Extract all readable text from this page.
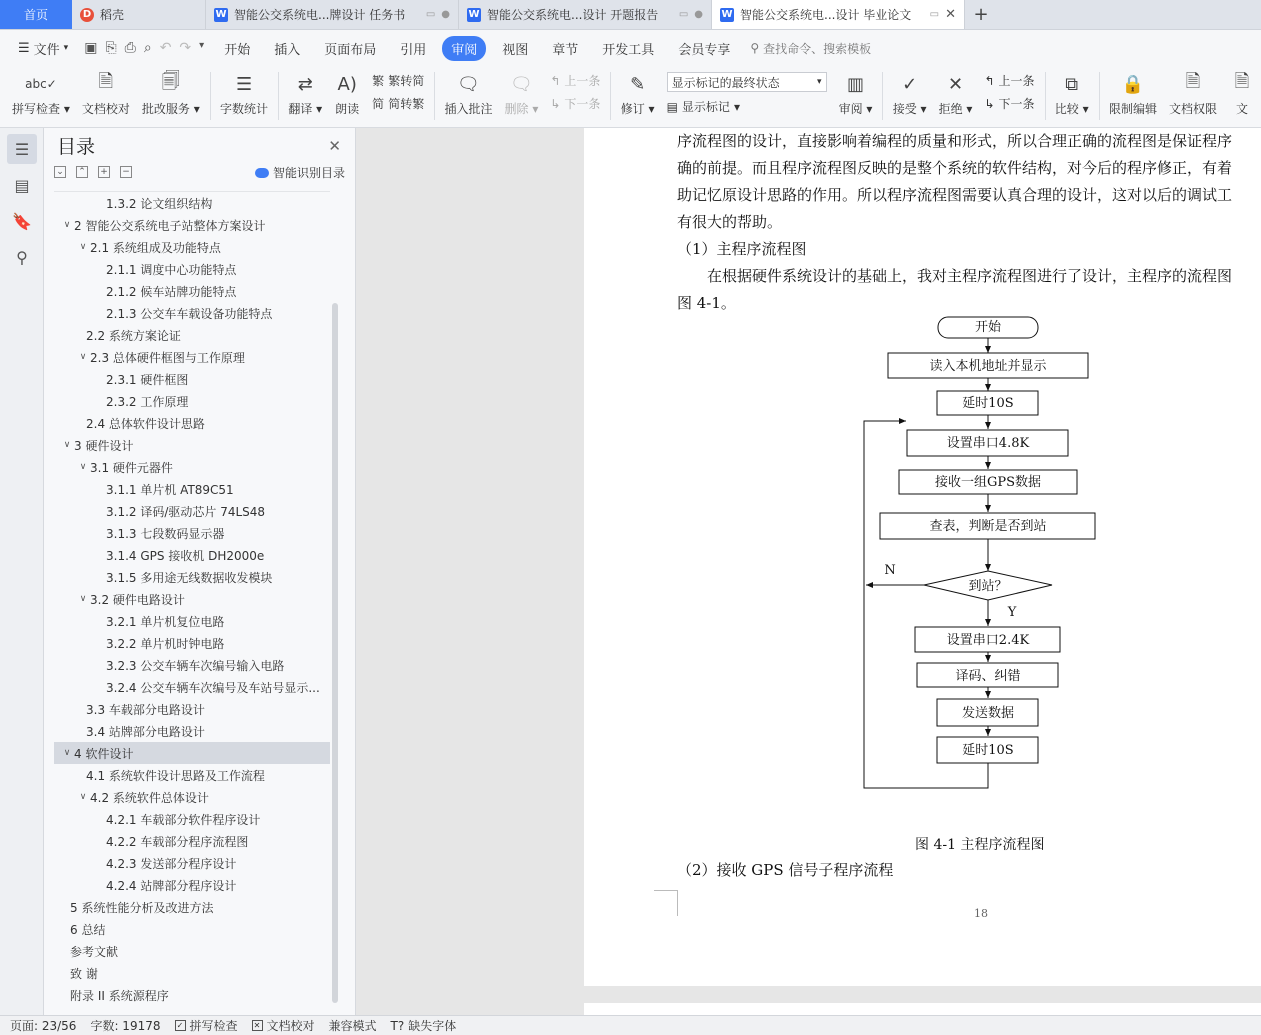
首页	D 稻壳	W 智能公交系统电...牌设计 任务书	▭ ● W 智能公交系统电...设计 开题报告	▭ ● W 智能公交系统电...设计 毕业论文	▭ ✕ +
☰ 文件 ▾ ▣ ⎘ ⎙ ⌕ ↶ ↷ ▾	开始	插入	页面布局	引用	审阅	视图	章节	开发工具	会员专享	⚲ 查找命令、搜索模板
abc✓
拼写检查 ▾
🗎
文档校对
🗐
批改服务 ▾
☰
字数统计
⇄
翻译 ▾
A)
朗读
繁 繁转简
简 简转繁
🗨
插入批注
🗨
删除 ▾
↰ 上一条
↳ 下一条
✎
修订 ▾
显示标记的最终状态	▾
▤ 显示标记 ▾
▥
审阅 ▾
✓
接受 ▾
✕
拒绝 ▾
↰ 上一条
↳ 下一条
⧉
比较 ▾
🔒
限制编辑
🗎
文档权限
🗎
文
☰
▤
🔖
⚲
目录	✕
⌄ ⌃ + −	智能识别目录
1.3.2 论文组织结构
∨ 2 智能公交系统电子站整体方案设计
∨ 2.1 系统组成及功能特点
2.1.1 调度中心功能特点
2.1.2 候车站牌功能特点
2.1.3 公交车车载设备功能特点
2.2 系统方案论证
∨ 2.3 总体硬件框图与工作原理
2.3.1 硬件框图
2.3.2 工作原理
2.4 总体软件设计思路
∨ 3 硬件设计
∨ 3.1 硬件元器件
3.1.1 单片机 AT89C51
3.1.2 译码/驱动芯片 74LS48
3.1.3 七段数码显示器
3.1.4 GPS 接收机 DH2000e
3.1.5 多用途无线数据收发模块
∨ 3.2 硬件电路设计
3.2.1 单片机复位电路
3.2.2 单片机时钟电路
3.2.3 公交车辆车次编号输入电路
3.2.4 公交车辆车次编号及车站号显示...
3.3 车载部分电路设计
3.4 站牌部分电路设计
∨ 4 软件设计
4.1 系统软件设计思路及工作流程
∨ 4.2 系统软件总体设计
4.2.1 车载部分软件程序设计
4.2.2 车载部分程序流程图
4.2.3 发送部分程序设计
4.2.4 站牌部分程序设计
5 系统性能分析及改进方法
6 总结
参考文献
致 谢
附录 II 系统源程序
序流程图的设计，直接影响着编程的质量和形式，所以合理正确的流程图是保证程序
确的前提。而且程序流程图反映的是整个系统的软件结构，对今后的程序修正，有着
助记忆原设计思路的作用。所以程序流程图需要认真合理的设计，这对以后的调试工
有很大的帮助。
（1）主程序流程图
　　在根据硬件系统设计的基础上，我对主程序流程图进行了设计，主程序的流程图
图 4-1。
开始
读入本机地址并显示
延时10S
设置串口4.8K
接收一组GPS数据
查表，判断是否到站
到站？
N
Y
设置串口2.4K
译码、纠错
发送数据
延时10S
图 4-1 主程序流程图
（2）接收 GPS 信号子程序流程
18
页面: 23/56 字数: 19178 ✓ 拼写检查 ✕ 文档校对 兼容模式 T? 缺失字体
